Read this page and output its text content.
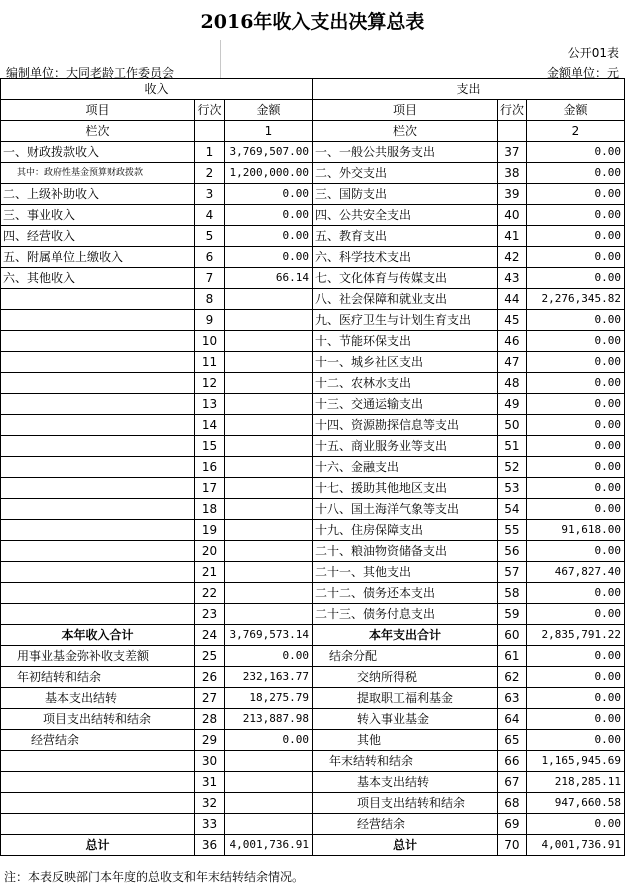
2016年收入支出决算总表
公开01表
编制单位：大同老龄工作委员会	金额单位：元
收入			支出		
项目	行次	金额	项目	行次	金额
栏次		1	栏次		2
一、财政拨款收入	1	3,769,507.00	一、一般公共服务支出	37	0.00
其中：政府性基金预算财政拨款	2	1,200,000.00	二、外交支出	38	0.00
二、上级补助收入	3	0.00	三、国防支出	39	0.00
三、事业收入	4	0.00	四、公共安全支出	40	0.00
四、经营收入	5	0.00	五、教育支出	41	0.00
五、附属单位上缴收入	6	0.00	六、科学技术支出	42	0.00
六、其他收入	7	66.14	七、文化体育与传媒支出	43	0.00
	8		八、社会保障和就业支出	44	2,276,345.82
	9		九、医疗卫生与计划生育支出	45	0.00
	10		十、节能环保支出	46	0.00
	11		十一、城乡社区支出	47	0.00
	12		十二、农林水支出	48	0.00
	13		十三、交通运输支出	49	0.00
	14		十四、资源勘探信息等支出	50	0.00
	15		十五、商业服务业等支出	51	0.00
	16		十六、金融支出	52	0.00
	17		十七、援助其他地区支出	53	0.00
	18		十八、国土海洋气象等支出	54	0.00
	19		十九、住房保障支出	55	91,618.00
	20		二十、粮油物资储备支出	56	0.00
	21		二十一、其他支出	57	467,827.40
	22		二十二、债务还本支出	58	0.00
	23		二十三、债务付息支出	59	0.00
本年收入合计	24	3,769,573.14	本年支出合计	60	2,835,791.22
用事业基金弥补收支差额	25	0.00	结余分配	61	0.00
年初结转和结余	26	232,163.77	交纳所得税	62	0.00
基本支出结转	27	18,275.79	提取职工福利基金	63	0.00
项目支出结转和结余	28	213,887.98	转入事业基金	64	0.00
经营结余	29	0.00	其他	65	0.00
	30		年末结转和结余	66	1,165,945.69
	31		基本支出结转	67	218,285.11
	32		项目支出结转和结余	68	947,660.58
	33		经营结余	69	0.00
总计	36	4,001,736.91	总计	70	4,001,736.91
注：本表反映部门本年度的总收支和年末结转结余情况。
